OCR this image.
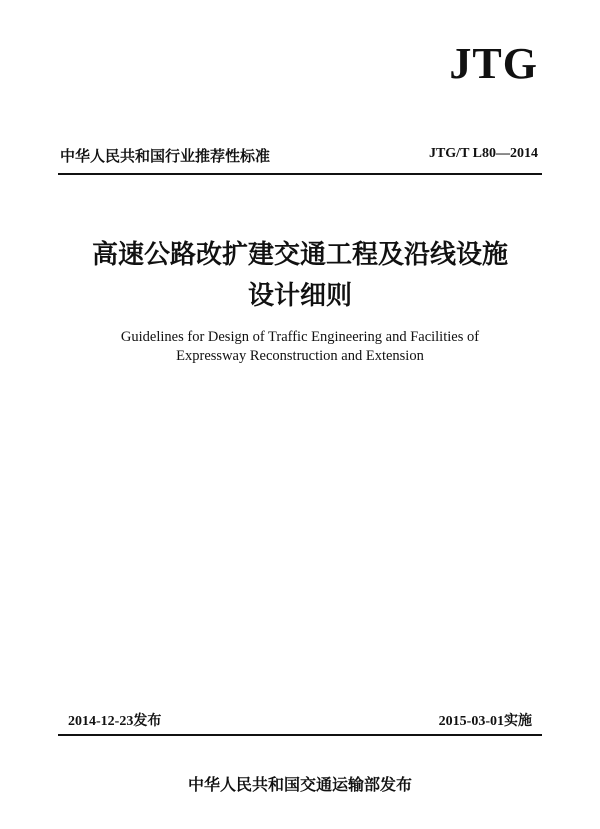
JTG
中华人民共和国行业推荐性标准	JTG/T L80—2014
高速公路改扩建交通工程及沿线设施
设计细则
Guidelines for Design of Traffic Engineering and Facilities of
Expressway Reconstruction and Extension
2014-12-23发布	2015-03-01实施
中华人民共和国交通运输部发布
